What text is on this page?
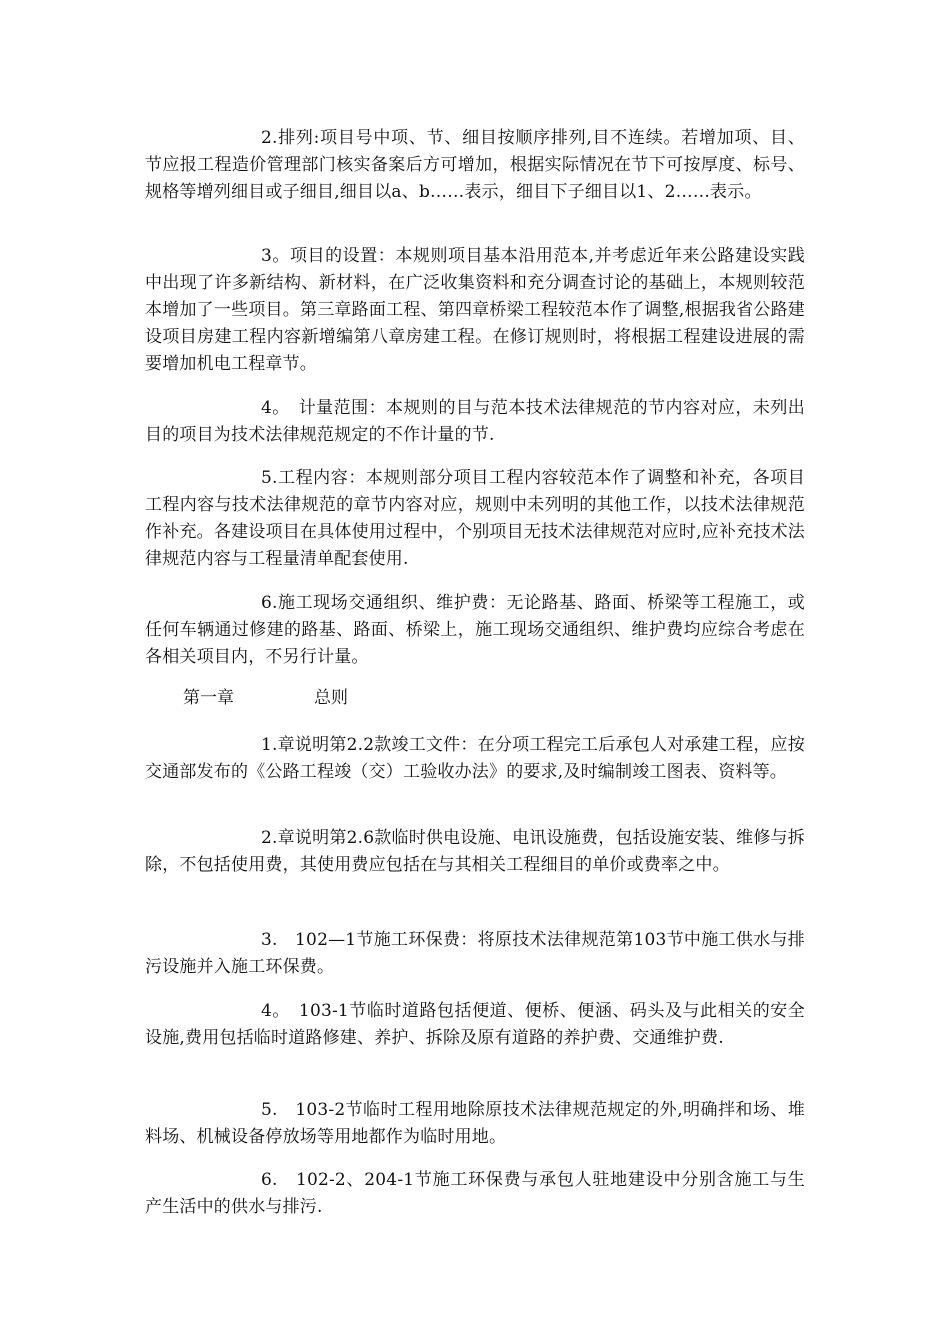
2.排列:项目号中项、节、细目按顺序排列,目不连续。若增加项、目、节应报工程造价管理部门核实备案后方可增加，根据实际情况在节下可按厚度、标号、规格等增列细目或子细目,细目以a、b……表示，细目下子细目以1、2……表示。

3。项目的设置：本规则项目基本沿用范本,并考虑近年来公路建设实践中出现了许多新结构、新材料，在广泛收集资料和充分调查讨论的基础上，本规则较范本增加了一些项目。第三章路面工程、第四章桥梁工程较范本作了调整,根据我省公路建设项目房建工程内容新增编第八章房建工程。在修订规则时，将根据工程建设进展的需要增加机电工程章节。

4。　计量范围：本规则的目与范本技术法律规范的节内容对应，未列出目的项目为技术法律规范规定的不作计量的节.

5.工程内容：本规则部分项目工程内容较范本作了调整和补充，各项目工程内容与技术法律规范的章节内容对应，规则中未列明的其他工作，以技术法律规范作补充。各建设项目在具体使用过程中，个别项目无技术法律规范对应时,应补充技术法律规范内容与工程量清单配套使用.

6.施工现场交通组织、维护费：无论路基、路面、桥梁等工程施工，或任何车辆通过修建的路基、路面、桥梁上，施工现场交通组织、维护费均应综合考虑在各相关项目内，不另行计量。

第一章	总则

1.章说明第2.2款竣工文件：在分项工程完工后承包人对承建工程，应按交通部发布的《公路工程竣（交）工验收办法》的要求,及时编制竣工图表、资料等。

2.章说明第2.6款临时供电设施、电讯设施费，包括设施安装、维修与拆除，不包括使用费，其使用费应包括在与其相关工程细目的单价或费率之中。

3.　102—1节施工环保费：将原技术法律规范第103节中施工供水与排污设施并入施工环保费。

4。　103-1节临时道路包括便道、便桥、便涵、码头及与此相关的安全设施,费用包括临时道路修建、养护、拆除及原有道路的养护费、交通维护费.

5.　103-2节临时工程用地除原技术法律规范规定的外,明确拌和场、堆料场、机械设备停放场等用地都作为临时用地。

6.　102-2、204-1节施工环保费与承包人驻地建设中分别含施工与生产生活中的供水与排污.
